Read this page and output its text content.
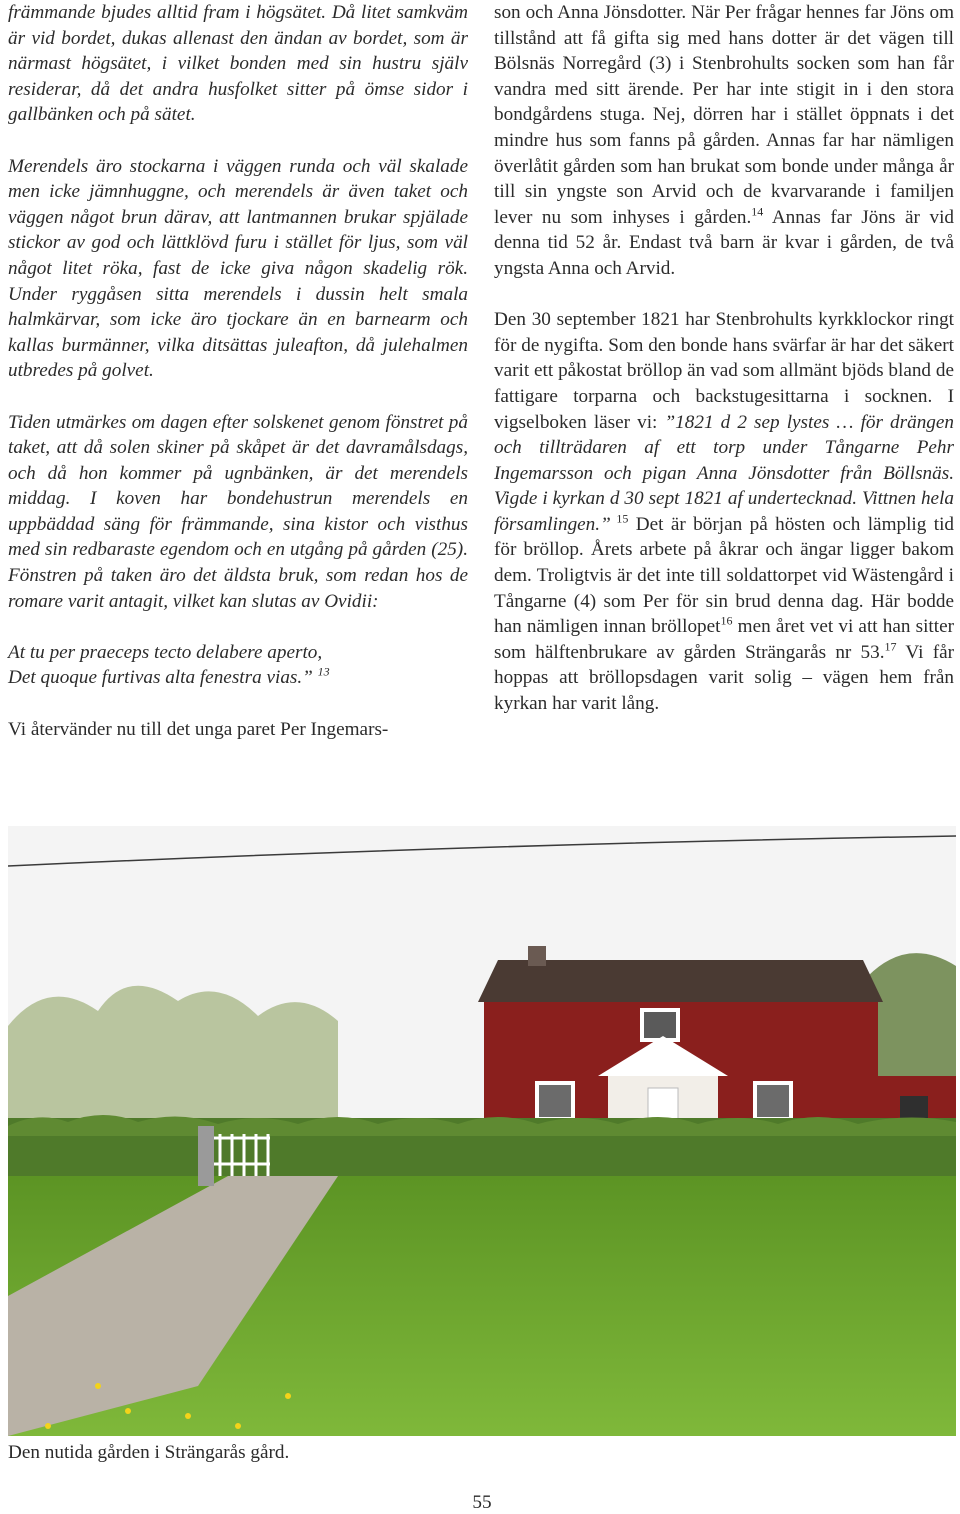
främmande bjudes alltid fram i högsätet. Då litet samkväm är vid bordet, dukas allenast den ändan av bordet, som är närmast högsätet, i vilket bonden med sin hustru själv residerar, då det andra husfolket sitter på ömse sidor i gallbänken och på sätet.

Merendels äro stockarna i väggen runda och väl skalade men icke jämnhuggne, och merendels är även taket och väggen något brun därav, att lantmannen brukar spjälade stickor av god och lättklövd furu i stället för ljus, som väl något litet röka, fast de icke giva någon skadelig rök. Under ryggåsen sitta merendels i dussin helt smala halmkärvar, som icke äro tjockare än en barnearm och kallas burmänner, vilka ditsättas juleafton, då julehalmen utbredes på golvet.

Tiden utmärkes om dagen efter solskenet genom fönstret på taket, att då solen skiner på skåpet är det davramålsdags, och då hon kommer på ugnbänken, är det merendels middag. I koven har bondehustrun merendels en uppbäddad säng för främmande, sina kistor och visthus med sin redbaraste egendom och en utgång på gården (25). Fönstren på taken äro det äldsta bruk, som redan hos de romare varit antagit, vilket kan slutas av Ovidii:

At tu per praeceps tecto delabere aperto,

Det quoque furtivas alta fenestra vias.” $^{13}$

Vi återvänder nu till det unga paret Per Ingemars-

son och Anna Jönsdotter. När Per frågar hennes far Jöns om tillstånd att få gifta sig med hans dotter är det vägen till Bölsnäs Norregård (3) i Stenbrohults socken som han får vandra med sitt ärende. Per har inte stigit in i den stora bondgårdens stuga. Nej, dörren har i stället öppnats i det mindre hus som fanns på gården. Annas far har nämligen överlåtit gården som han brukat som bonde under många år till sin yngste son Arvid och de kvarvarande i familjen lever nu som inhyses i gården.$^{14}$ Annas far Jöns är vid denna tid 52 år. Endast två barn är kvar i gården, de två yngsta Anna och Arvid.

Den 30 september 1821 har Stenbrohults kyrkklockor ringt för de nygifta. Som den bonde hans svärfar är har det säkert varit ett påkostat bröllop än vad som allmänt bjöds bland de fattigare torparna och backstugesittarna i socknen. I vigselboken läser vi: ”1821 d 2 sep lystes … för drängen och tillträdaren af ett torp under Tångarne Pehr Ingemarsson och pigan Anna Jönsdotter från Böllsnäs. Vigde i kyrkan d 30 sept 1821 af undertecknad. Vittnen hela församlingen.” $^{15}$ Det är början på hösten och lämplig tid för bröllop. Årets arbete på åkrar och ängar ligger bakom dem. Troligtvis är det inte till soldattorpet vid Wästengård i Tångarne (4) som Per för sin brud denna dag. Här bodde han nämligen innan bröllopet$^{16}$ men året vet vi att han sitter som hälftenbrukare av gården Strängarås nr 53.17 Vi får hoppas att bröllopsdagen varit solig – vägen hem från kyrkan har varit lång.

Den nutida gården i Strängarås gård.
55
